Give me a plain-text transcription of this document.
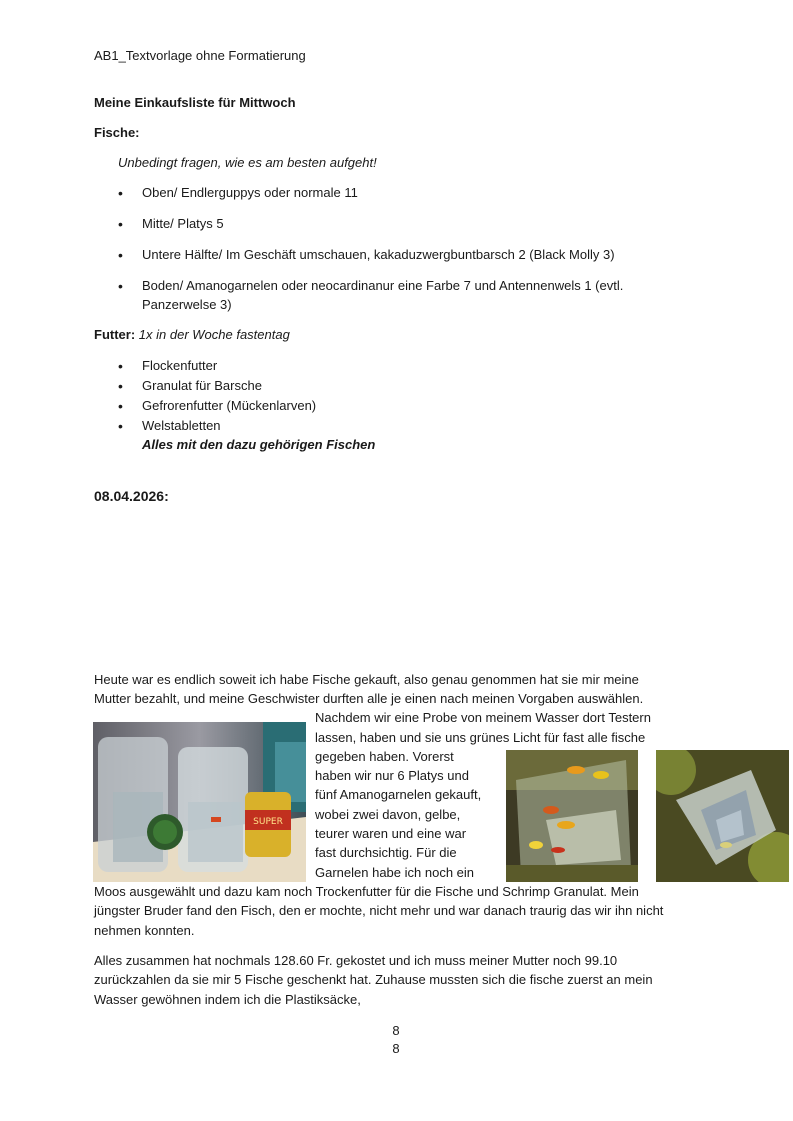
AB1_Textvorlage ohne Formatierung
Meine Einkaufsliste für Mittwoch
Fische:
Unbedingt fragen, wie es am besten aufgeht!
• Oben/ Endlerguppys oder normale 11
• Mitte/ Platys 5
• Untere Hälfte/ Im Geschäft umschauen, kakaduzwergbuntbarsch 2 (Black Molly 3)
• Boden/ Amanogarnelen oder neocardinanur eine Farbe 7 und Antennenwels 1 (evtl.
Panzerwelse 3)
Futter: 1x in der Woche fastentag
• Flockenfutter
• Granulat für Barsche
• Gefrorenfutter (Mückenlarven)
• Welstabletten
Alles mit den dazu gehörigen Fischen
08.04.2026:
Heute war es endlich soweit ich habe Fische gekauft, also genau genommen hat sie mir meine
Mutter bezahlt, und meine Geschwister durften alle je einen nach meinen Vorgaben auswählen.
Nachdem wir eine Probe von meinem Wasser dort Testern
lassen, haben und sie uns grünes Licht für fast alle fische
gegeben haben. Vorerst
haben wir nur 6 Platys und
fünf Amanogarnelen gekauft,
wobei zwei davon, gelbe,
teurer waren und eine war
fast durchsichtig. Für die
Garnelen habe ich noch ein
Moos ausgewählt und dazu kam noch Trockenfutter für die Fische und Schrimp Granulat. Mein
jüngster Bruder fand den Fisch, den er mochte, nicht mehr und war danach traurig das wir ihn nicht
nehmen konnten.
Alles zusammen hat nochmals 128.60 Fr. gekostet und ich muss meiner Mutter noch 99.10
zurückzahlen da sie mir 5 Fische geschenkt hat. Zuhause mussten sich die fische zuerst an mein
Wasser gewöhnen indem ich die Plastiksäcke,
SUPER
8
8
